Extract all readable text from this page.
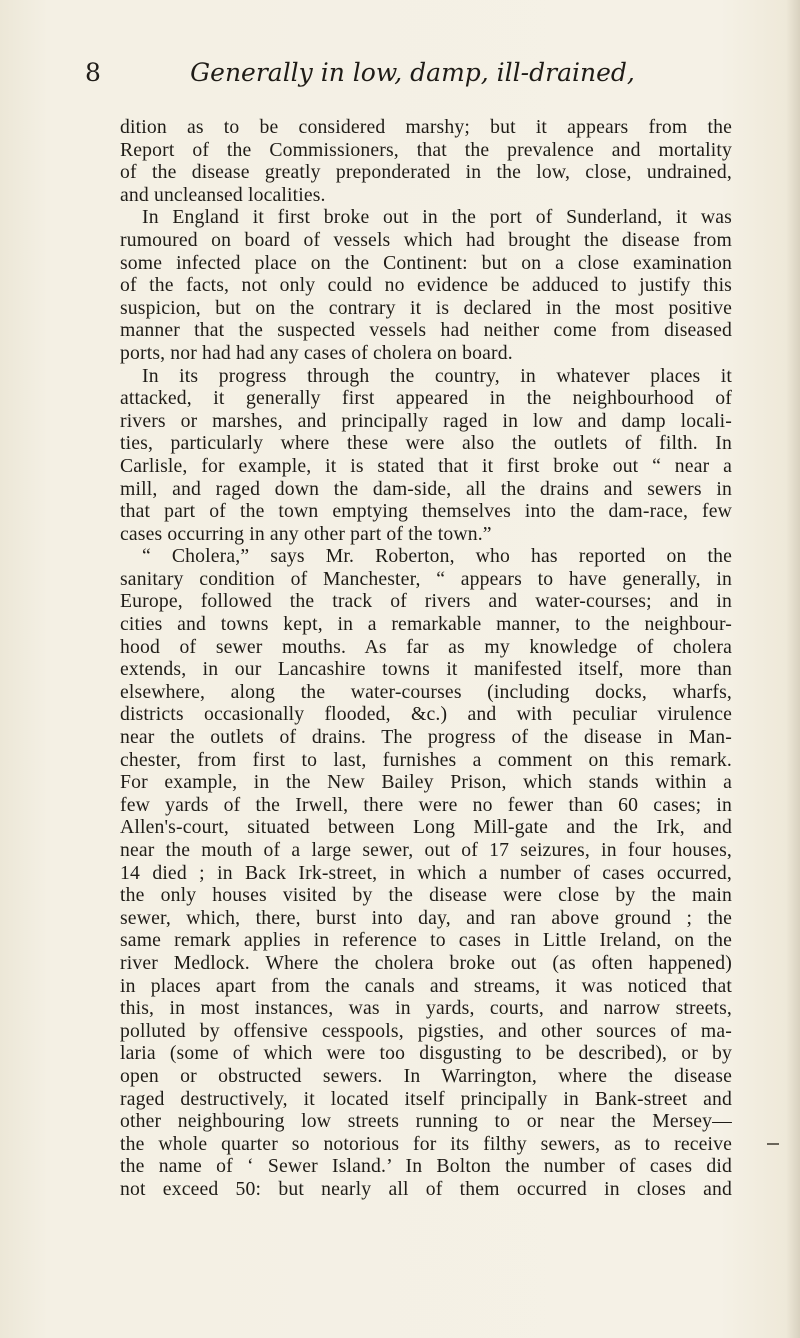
8	Generally in low, damp, ill-drained,
dition as to be considered marshy; but it appears from the
Report of the Commissioners, that the prevalence and mortality
of the disease greatly preponderated in the low, close, undrained,
and uncleansed localities.
In England it first broke out in the port of Sunderland, it was
rumoured on board of vessels which had brought the disease from
some infected place on the Continent: but on a close examination
of the facts, not only could no evidence be adduced to justify this
suspicion, but on the contrary it is declared in the most positive
manner that the suspected vessels had neither come from diseased
ports, nor had had any cases of cholera on board.
In its progress through the country, in whatever places it
attacked, it generally first appeared in the neighbourhood of
rivers or marshes, and principally raged in low and damp locali-
ties, particularly where these were also the outlets of filth. In
Carlisle, for example, it is stated that it first broke out “ near a
mill, and raged down the dam-side, all the drains and sewers in
that part of the town emptying themselves into the dam-race, few
cases occurring in any other part of the town.”
“ Cholera,” says Mr. Roberton, who has reported on the
sanitary condition of Manchester, “ appears to have generally, in
Europe, followed the track of rivers and water-courses; and in
cities and towns kept, in a remarkable manner, to the neighbour-
hood of sewer mouths. As far as my knowledge of cholera
extends, in our Lancashire towns it manifested itself, more than
elsewhere, along the water-courses (including docks, wharfs,
districts occasionally flooded, &c.) and with peculiar virulence
near the outlets of drains. The progress of the disease in Man-
chester, from first to last, furnishes a comment on this remark.
For example, in the New Bailey Prison, which stands within a
few yards of the Irwell, there were no fewer than 60 cases; in
Allen's-court, situated between Long Mill-gate and the Irk, and
near the mouth of a large sewer, out of 17 seizures, in four houses,
14 died ; in Back Irk-street, in which a number of cases occurred,
the only houses visited by the disease were close by the main
sewer, which, there, burst into day, and ran above ground ; the
same remark applies in reference to cases in Little Ireland, on the
river Medlock. Where the cholera broke out (as often happened)
in places apart from the canals and streams, it was noticed that
this, in most instances, was in yards, courts, and narrow streets,
polluted by offensive cesspools, pigsties, and other sources of ma-
laria (some of which were too disgusting to be described), or by
open or obstructed sewers. In Warrington, where the disease
raged destructively, it located itself principally in Bank-street and
other neighbouring low streets running to or near the Mersey—
the whole quarter so notorious for its filthy sewers, as to receive
the name of ‘ Sewer Island.’ In Bolton the number of cases did
not exceed 50: but nearly all of them occurred in closes and
